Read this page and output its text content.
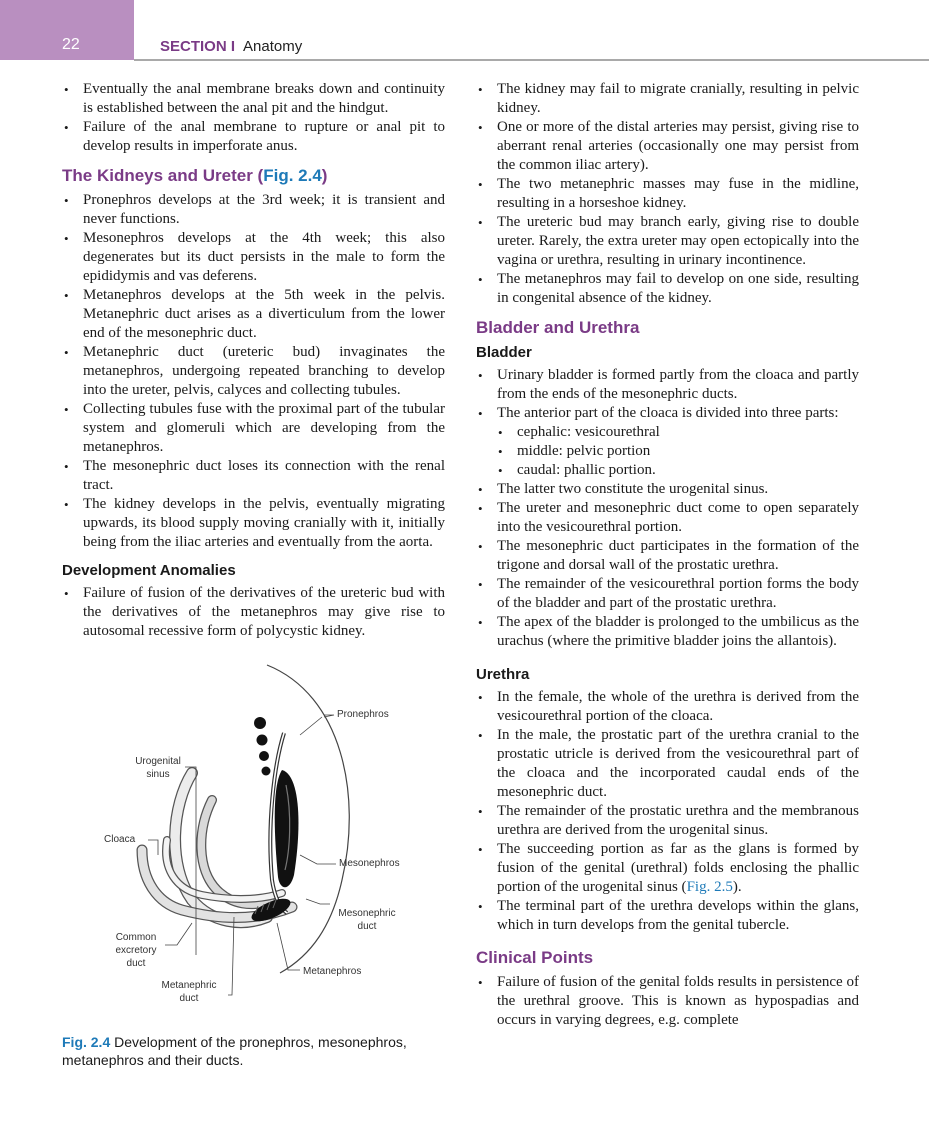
22	SECTION I Anatomy
• Eventually the anal membrane breaks down and continuity is established between the anal pit and the hindgut.
• Failure of the anal membrane to rupture or anal pit to develop results in imperforate anus.
The Kidneys and Ureter (Fig. 2.4)
• Pronephros develops at the 3rd week; it is transient and never functions.
• Mesonephros develops at the 4th week; this also degenerates but its duct persists in the male to form the epididymis and vas deferens.
• Metanephros develops at the 5th week in the pelvis. Metanephric duct arises as a diverticulum from the lower end of the mesonephric duct.
• Metanephric duct (ureteric bud) invaginates the metanephros, undergoing repeated branching to develop into the ureter, pelvis, calyces and collecting tubules.
• Collecting tubules fuse with the proximal part of the tubular system and glomeruli which are developing from the metanephros.
• The mesonephric duct loses its connection with the renal tract.
• The kidney develops in the pelvis, eventually migrating upwards, its blood supply moving cranially with it, initially being from the iliac arteries and eventually from the aorta.
Development Anomalies
• Failure of fusion of the derivatives of the ureteric bud with the derivatives of the metanephros may give rise to autosomal recessive form of polycystic kidney.
Pronephros
Urogenital sinus
Cloaca
Mesonephros
Mesonephric duct
Common excretory duct
Metanephros
Metanephric duct
Fig. 2.4 Development of the pronephros, mesonephros, metanephros and their ducts.
• The kidney may fail to migrate cranially, resulting in pelvic kidney.
• One or more of the distal arteries may persist, giving rise to aberrant renal arteries (occasionally one may persist from the common iliac artery).
• The two metanephric masses may fuse in the midline, resulting in a horseshoe kidney.
• The ureteric bud may branch early, giving rise to double ureter. Rarely, the extra ureter may open ectopically into the vagina or urethra, resulting in urinary incontinence.
• The metanephros may fail to develop on one side, resulting in congenital absence of the kidney.
Bladder and Urethra
Bladder
• Urinary bladder is formed partly from the cloaca and partly from the ends of the mesonephric ducts.
• The anterior part of the cloaca is divided into three parts:
• cephalic: vesicourethral
• middle: pelvic portion
• caudal: phallic portion.
• The latter two constitute the urogenital sinus.
• The ureter and mesonephric duct come to open separately into the vesicourethral portion.
• The mesonephric duct participates in the formation of the trigone and dorsal wall of the prostatic urethra.
• The remainder of the vesicourethral portion forms the body of the bladder and part of the prostatic urethra.
• The apex of the bladder is prolonged to the umbilicus as the urachus (where the primitive bladder joins the allantois).
Urethra
• In the female, the whole of the urethra is derived from the vesicourethral portion of the cloaca.
• In the male, the prostatic part of the urethra cranial to the prostatic utricle is derived from the vesicourethral part of the cloaca and the incorporated caudal ends of the mesonephric duct.
• The remainder of the prostatic urethra and the membranous urethra are derived from the urogenital sinus.
• The succeeding portion as far as the glans is formed by fusion of the genital (urethral) folds enclosing the phallic portion of the urogenital sinus (Fig. 2.5).
• The terminal part of the urethra develops within the glans, which in turn develops from the genital tubercle.
Clinical Points
• Failure of fusion of the genital folds results in persistence of the urethral groove. This is known as hypospadias and occurs in varying degrees, e.g. complete
